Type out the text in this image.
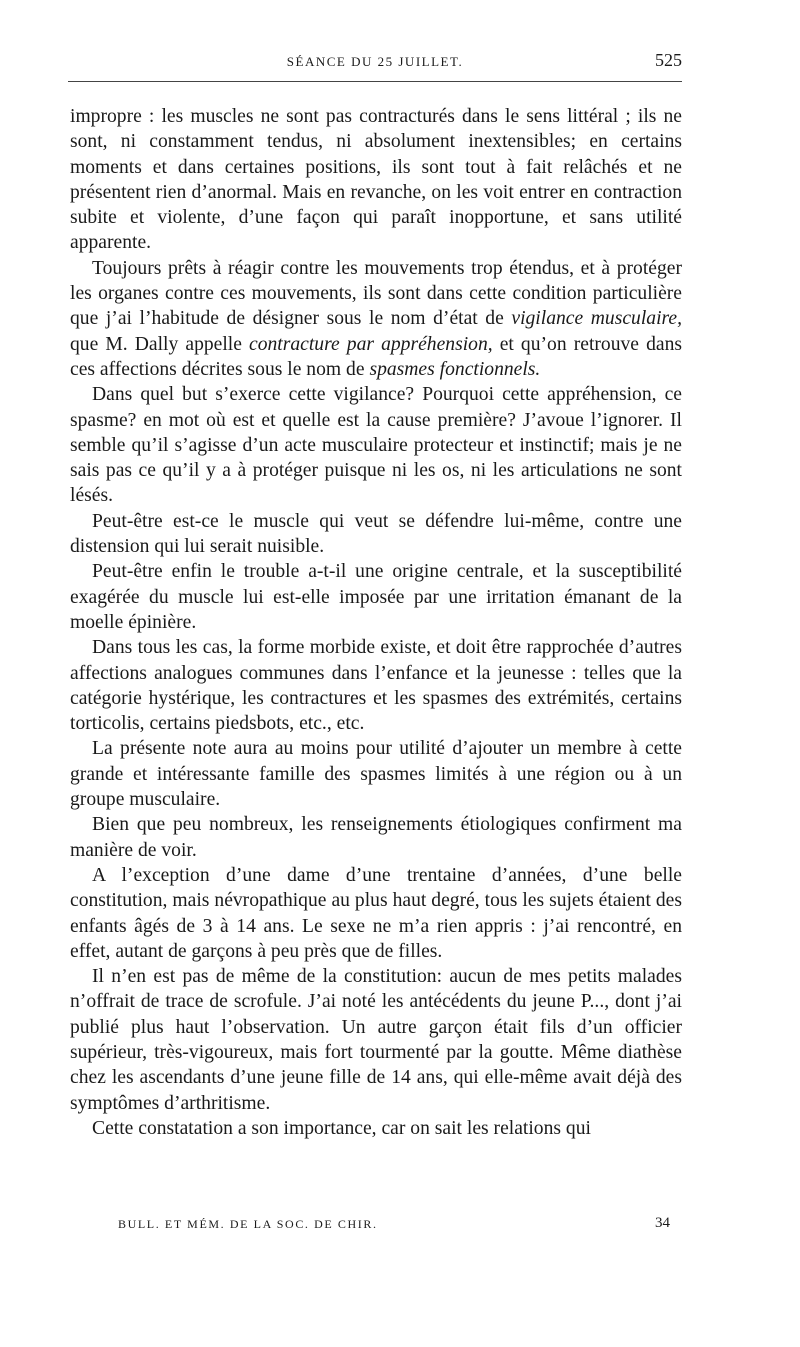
SÉANCE DU 25 JUILLET.	525

impropre : les muscles ne sont pas contracturés dans le sens littéral ; ils ne sont, ni constamment tendus, ni absolument inextensibles; en certains moments et dans certaines positions, ils sont tout à fait relâchés et ne présentent rien d’anormal. Mais en revanche, on les voit entrer en contraction subite et violente, d’une façon qui paraît inopportune, et sans utilité apparente.

Toujours prêts à réagir contre les mouvements trop étendus, et à protéger les organes contre ces mouvements, ils sont dans cette condition particulière que j’ai l’habitude de désigner sous le nom d’état de vigilance musculaire, que M. Dally appelle contracture par appréhension, et qu’on retrouve dans ces affections décrites sous le nom de spasmes fonctionnels.

Dans quel but s’exerce cette vigilance? Pourquoi cette appréhension, ce spasme? en mot où est et quelle est la cause première? J’avoue l’ignorer. Il semble qu’il s’agisse d’un acte musculaire protecteur et instinctif; mais je ne sais pas ce qu’il y a à protéger puisque ni les os, ni les articulations ne sont lésés.

Peut-être est-ce le muscle qui veut se défendre lui-même, contre une distension qui lui serait nuisible.

Peut-être enfin le trouble a-t-il une origine centrale, et la susceptibilité exagérée du muscle lui est-elle imposée par une irritation émanant de la moelle épinière.

Dans tous les cas, la forme morbide existe, et doit être rapprochée d’autres affections analogues communes dans l’enfance et la jeunesse : telles que la catégorie hystérique, les contractures et les spasmes des extrémités, certains torticolis, certains piedsbots, etc., etc.

La présente note aura au moins pour utilité d’ajouter un membre à cette grande et intéressante famille des spasmes limités à une région ou à un groupe musculaire.

Bien que peu nombreux, les renseignements étiologiques confirment ma manière de voir.

A l’exception d’une dame d’une trentaine d’années, d’une belle constitution, mais névropathique au plus haut degré, tous les sujets étaient des enfants âgés de 3 à 14 ans. Le sexe ne m’a rien appris : j’ai rencontré, en effet, autant de garçons à peu près que de filles.

Il n’en est pas de même de la constitution: aucun de mes petits malades n’offrait de trace de scrofule. J’ai noté les antécédents du jeune P..., dont j’ai publié plus haut l’observation. Un autre garçon était fils d’un officier supérieur, très-vigoureux, mais fort tourmenté par la goutte. Même diathèse chez les ascendants d’une jeune fille de 14 ans, qui elle-même avait déjà des symptômes d’arthritisme.

Cette constatation a son importance, car on sait les relations qui

BULL. ET MÉM. DE LA SOC. DE CHIR.	34
